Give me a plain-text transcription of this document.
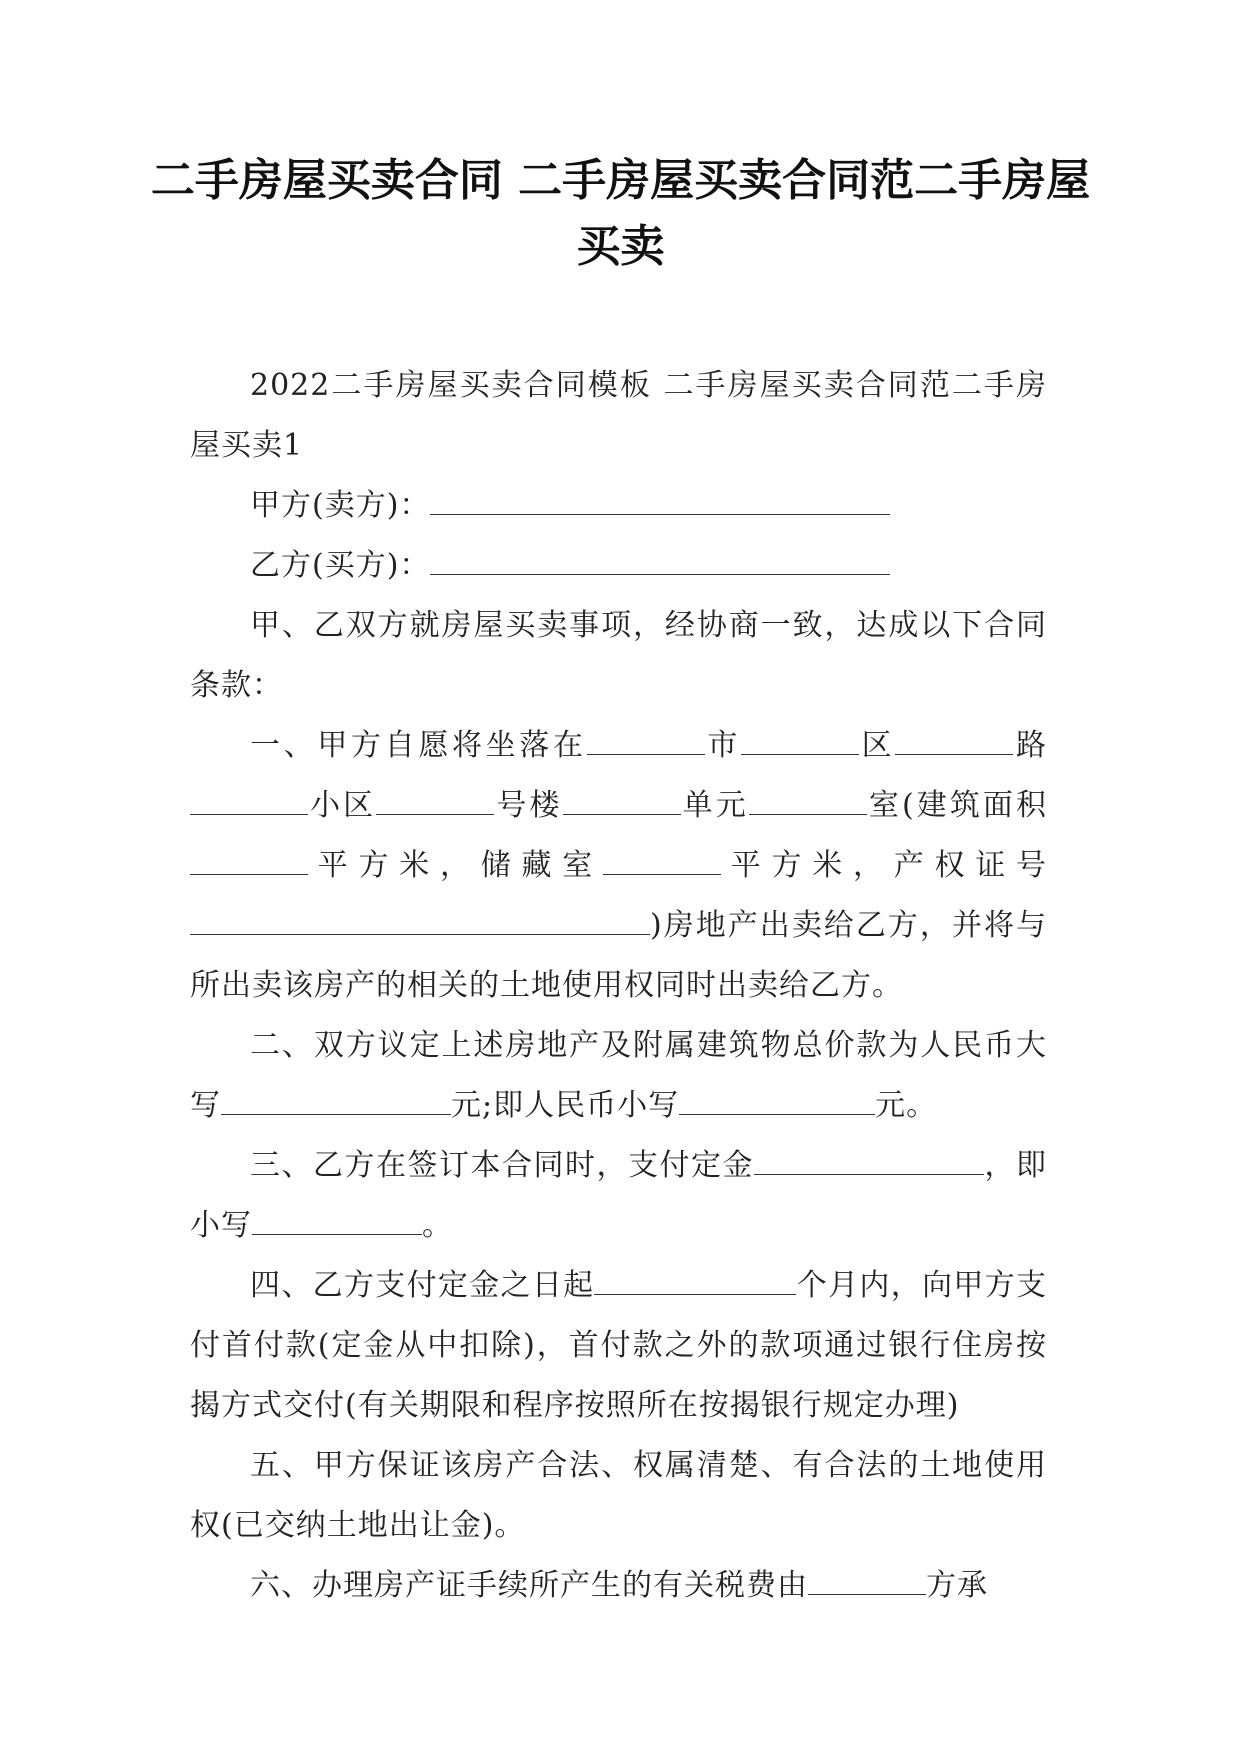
二手房屋买卖合同 二手房屋买卖合同范二手房屋买卖

2022二手房屋买卖合同模板 二手房屋买卖合同范二手房屋买卖1

甲方(卖方)：

乙方(买方)：

甲、乙双方就房屋买卖事项，经协商一致，达成以下合同条款：

一、甲方自愿将坐落在	市	区	路小区	号楼	单元	室(建筑面积平方米，储藏室	平方米，产权证号)房地产出卖给乙方，并将与所出卖该房产的相关的土地使用权同时出卖给乙方。

二、双方议定上述房地产及附属建筑物总价款为人民币大写	元;即人民币小写	元。

三、乙方在签订本合同时，支付定金	，即小写	。

四、乙方支付定金之日起	个月内，向甲方支付首付款(定金从中扣除)，首付款之外的款项通过银行住房按揭方式交付(有关期限和程序按照所在按揭银行规定办理)

五、甲方保证该房产合法、权属清楚、有合法的土地使用权(已交纳土地出让金)。

六、办理房产证手续所产生的有关税费由	方承
